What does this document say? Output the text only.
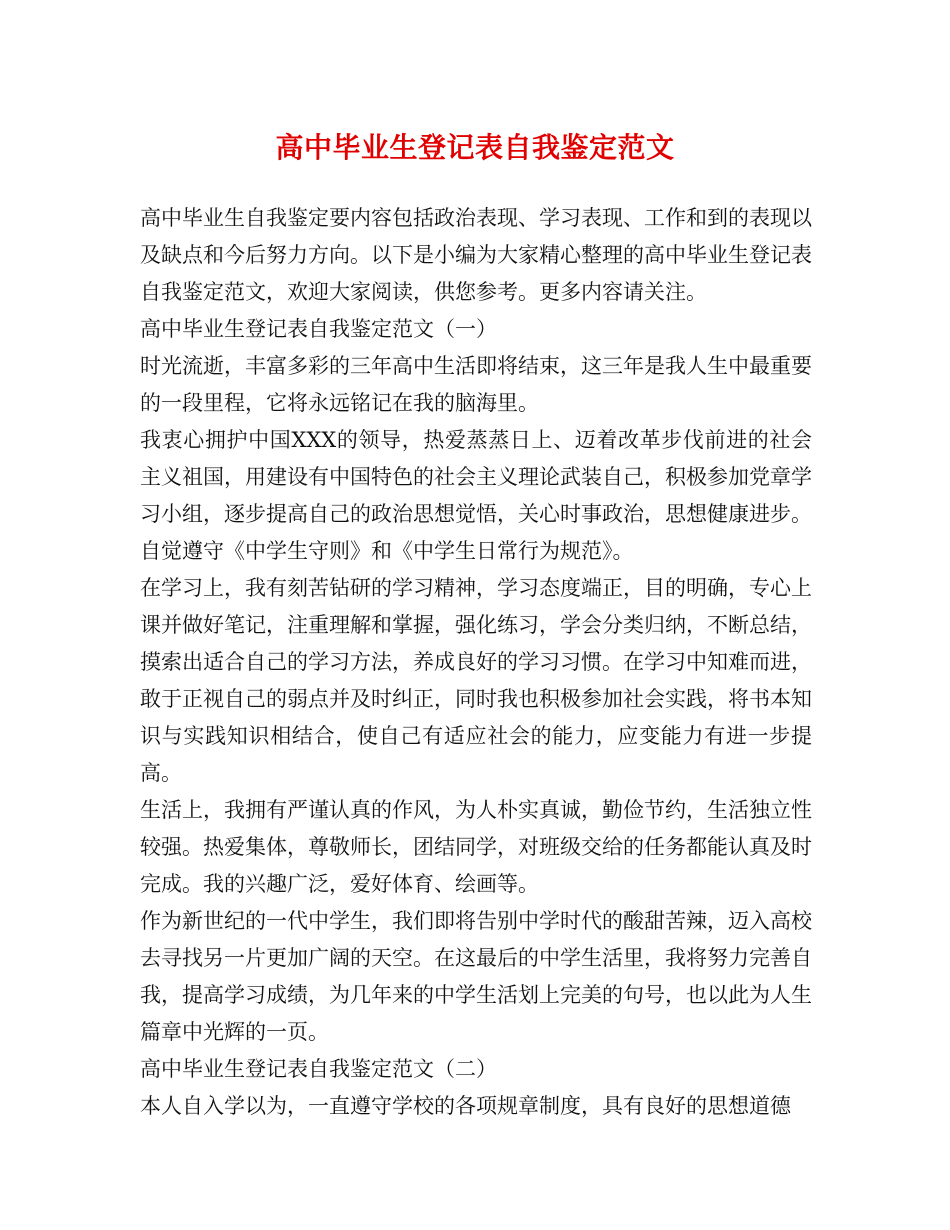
高中毕业生登记表自我鉴定范文

高中毕业生自我鉴定要内容包括政治表现、学习表现、工作和到的表现以及缺点和今后努力方向。以下是小编为大家精心整理的高中毕业生登记表自我鉴定范文，欢迎大家阅读，供您参考。更多内容请关注。

高中毕业生登记表自我鉴定范文（一）

时光流逝，丰富多彩的三年高中生活即将结束，这三年是我人生中最重要的一段里程，它将永远铭记在我的脑海里。

我衷心拥护中国XXX的领导，热爱蒸蒸日上、迈着改革步伐前进的社会主义祖国，用建设有中国特色的社会主义理论武装自己，积极参加党章学习小组，逐步提高自己的政治思想觉悟，关心时事政治，思想健康进步。自觉遵守《中学生守则》和《中学生日常行为规范》。

在学习上，我有刻苦钻研的学习精神，学习态度端正，目的明确，专心上课并做好笔记，注重理解和掌握，强化练习，学会分类归纳，不断总结，摸索出适合自己的学习方法，养成良好的学习习惯。在学习中知难而进，敢于正视自己的弱点并及时纠正，同时我也积极参加社会实践，将书本知识与实践知识相结合，使自己有适应社会的能力，应变能力有进一步提高。

生活上，我拥有严谨认真的作风，为人朴实真诚，勤俭节约，生活独立性较强。热爱集体，尊敬师长，团结同学，对班级交给的任务都能认真及时完成。我的兴趣广泛，爱好体育、绘画等。

作为新世纪的一代中学生，我们即将告别中学时代的酸甜苦辣，迈入高校去寻找另一片更加广阔的天空。在这最后的中学生活里，我将努力完善自我，提高学习成绩，为几年来的中学生活划上完美的句号，也以此为人生篇章中光辉的一页。

高中毕业生登记表自我鉴定范文（二）

本人自入学以为，一直遵守学校的各项规章制度，具有良好的思想道德
